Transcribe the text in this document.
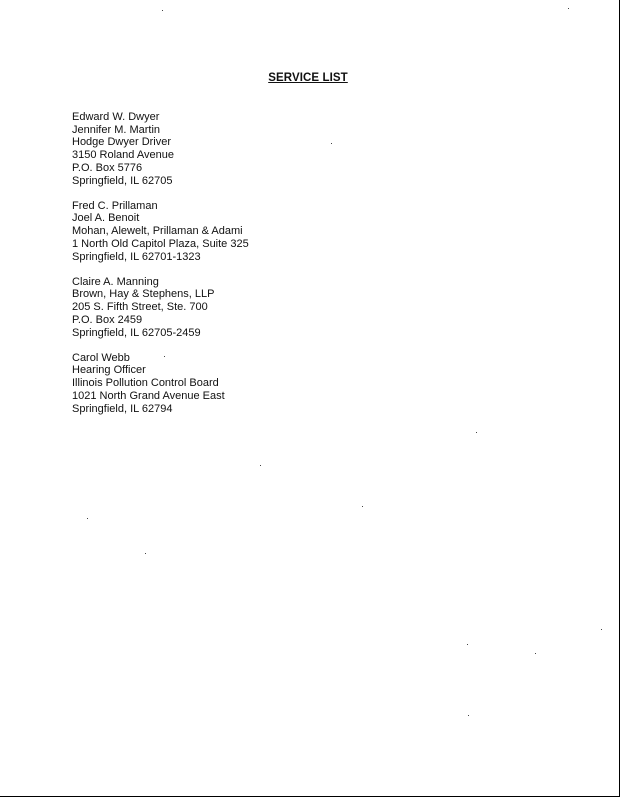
SERVICE LIST
Edward W. Dwyer
Jennifer M. Martin
Hodge Dwyer Driver
3150 Roland Avenue
P.O. Box 5776
Springfield, IL 62705
Fred C. Prillaman
Joel A. Benoit
Mohan, Alewelt, Prillaman & Adami
1 North Old Capitol Plaza, Suite 325
Springfield, IL 62701-1323
Claire A. Manning
Brown, Hay & Stephens, LLP
205 S. Fifth Street, Ste. 700
P.O. Box 2459
Springfield, IL 62705-2459
Carol Webb
Hearing Officer
Illinois Pollution Control Board
1021 North Grand Avenue East
Springfield, IL 62794
